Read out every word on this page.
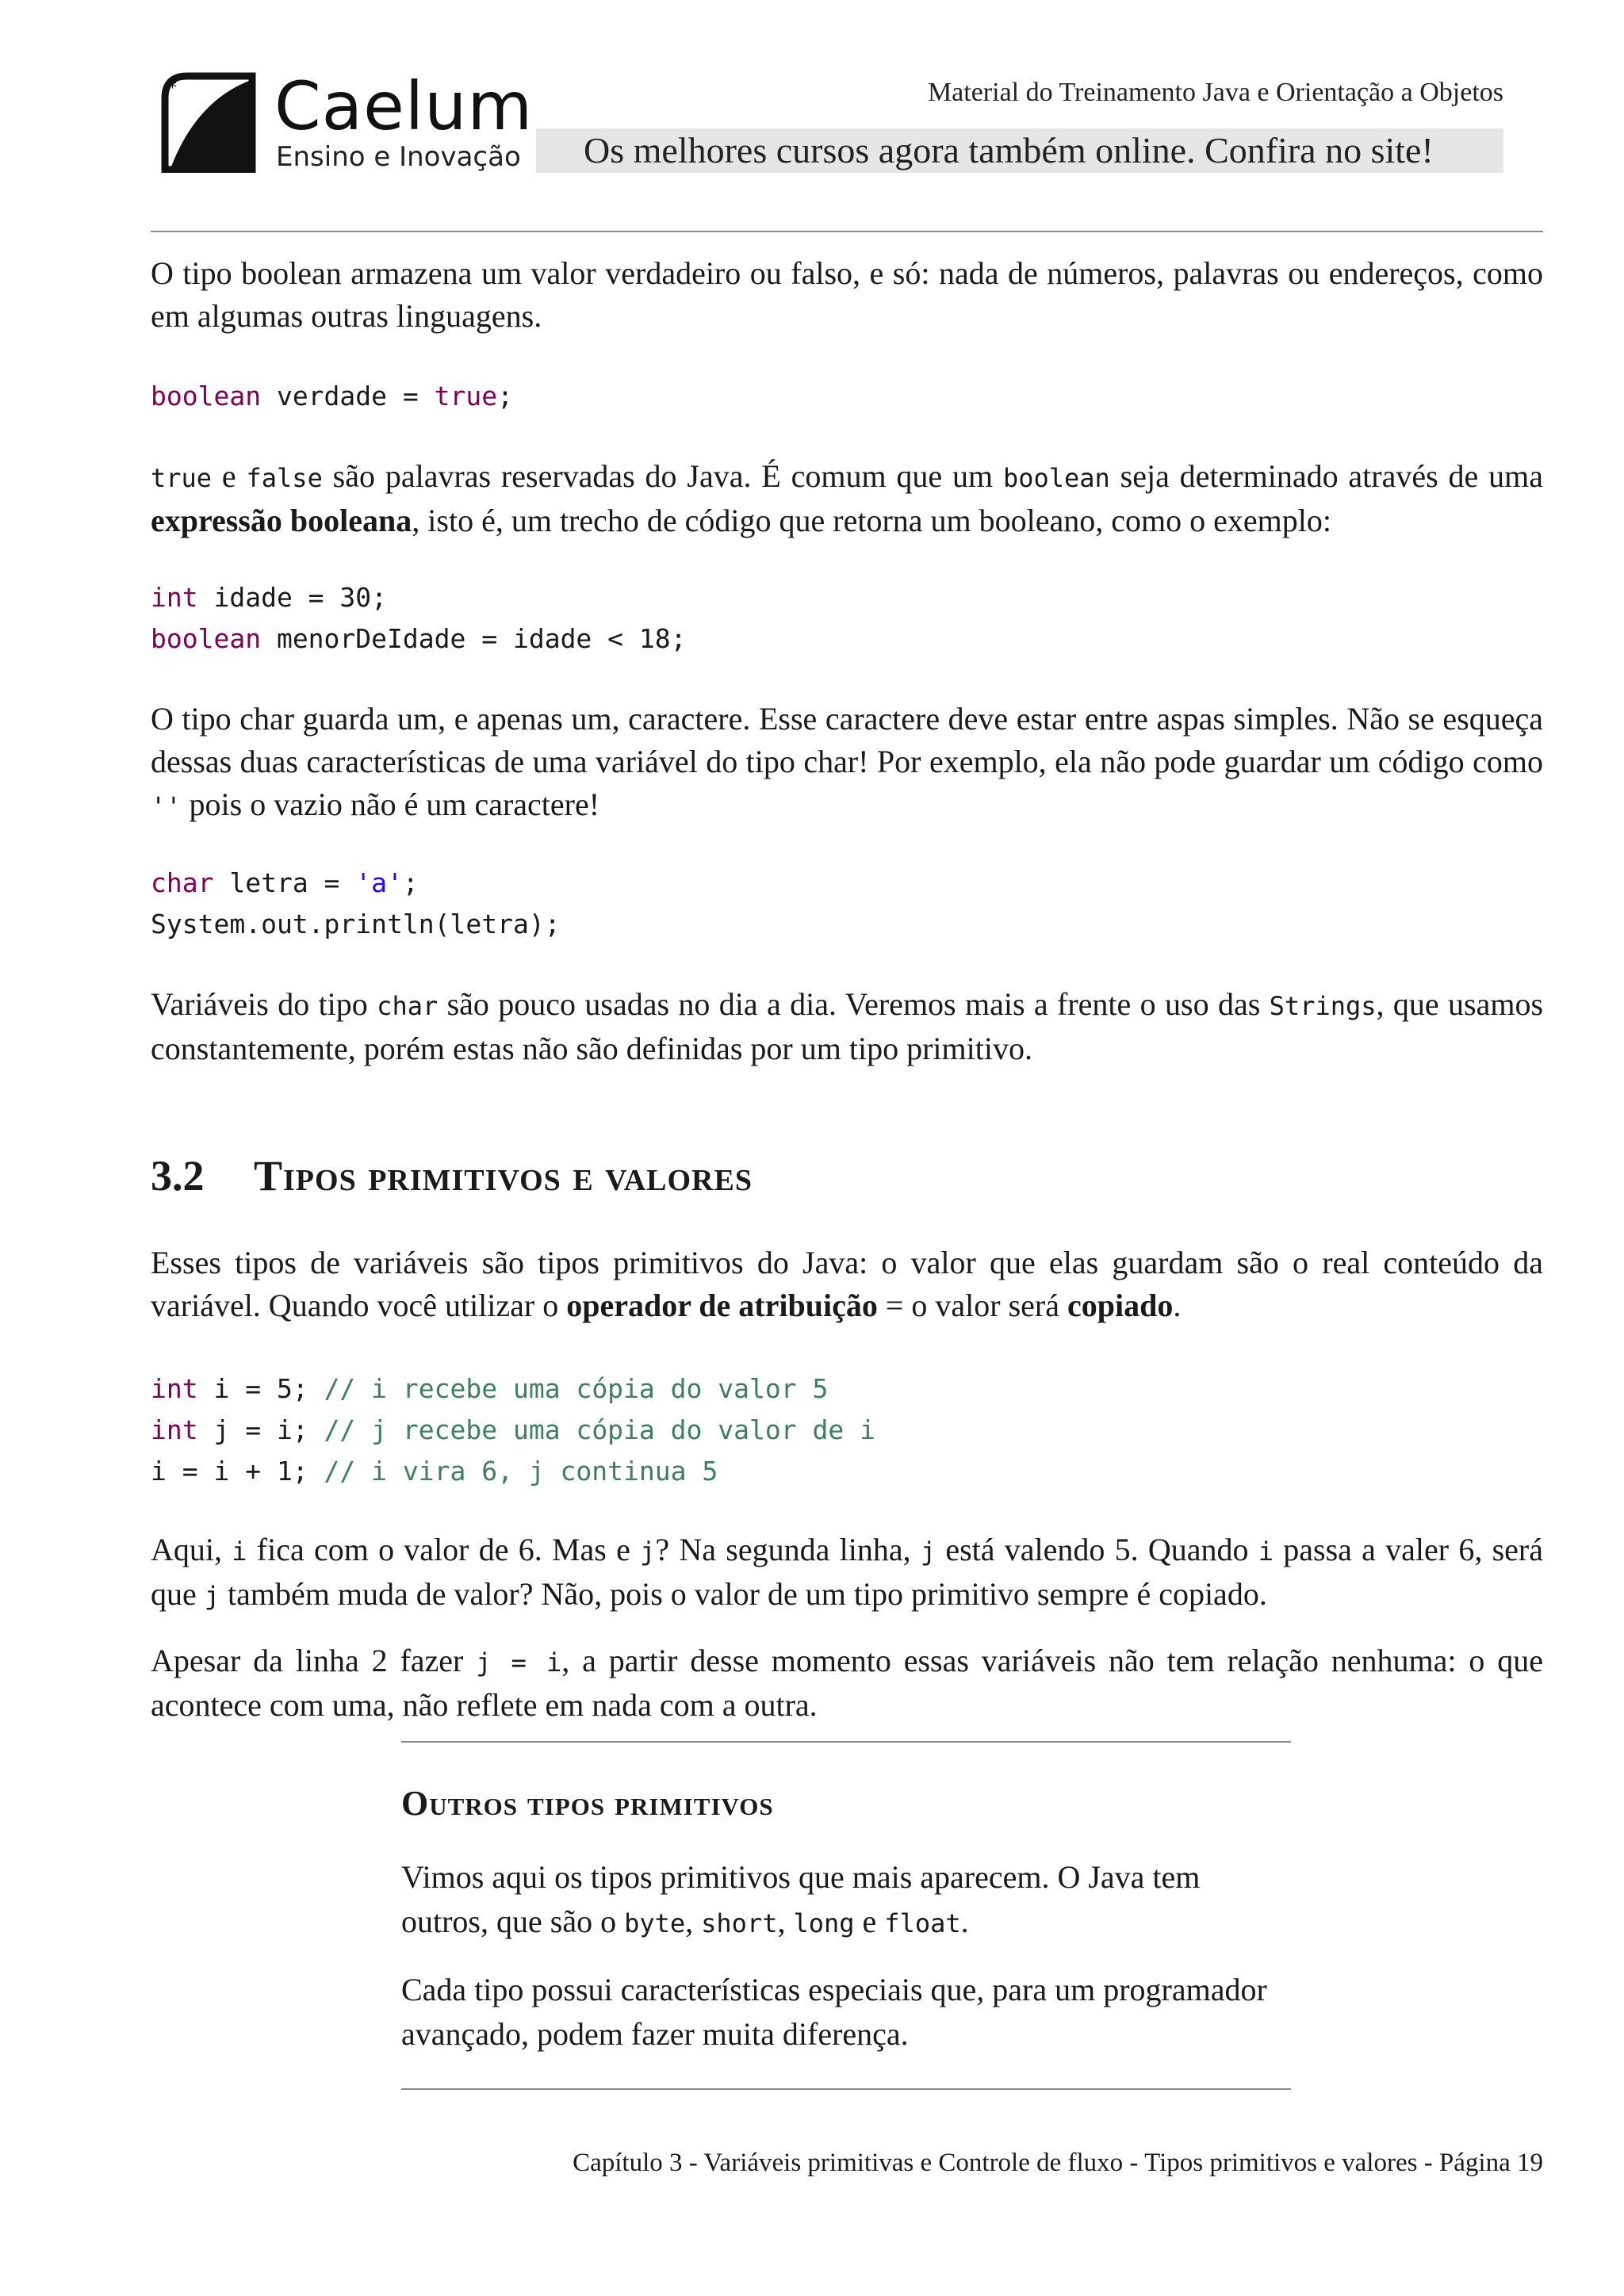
* Caelum
Ensino e Inovação
Material do Treinamento Java e Orientação a Objetos
Os melhores cursos agora também online. Confira no site!
O tipo boolean armazena um valor verdadeiro ou falso, e só: nada de números, palavras ou endereços, como em algumas outras linguagens.
boolean verdade = true;
true e false são palavras reservadas do Java. É comum que um boolean seja determinado através de uma expressão booleana, isto é, um trecho de código que retorna um booleano, como o exemplo:
int idade = 30;
boolean menorDeIdade = idade < 18;
O tipo char guarda um, e apenas um, caractere. Esse caractere deve estar entre aspas simples. Não se esqueça dessas duas características de uma variável do tipo char! Por exemplo, ela não pode guardar um código como '' pois o vazio não é um caractere!
char letra = 'a';
System.out.println(letra);
Variáveis do tipo char são pouco usadas no dia a dia. Veremos mais a frente o uso das Strings, que usamos constantemente, porém estas não são definidas por um tipo primitivo.
3.2 Tipos primitivos e valores
Esses tipos de variáveis são tipos primitivos do Java: o valor que elas guardam são o real conteúdo da variável. Quando você utilizar o operador de atribuição = o valor será copiado.
int i = 5; // i recebe uma cópia do valor 5
int j = i; // j recebe uma cópia do valor de i
i = i + 1; // i vira 6, j continua 5
Aqui, i fica com o valor de 6. Mas e j? Na segunda linha, j está valendo 5. Quando i passa a valer 6, será que j também muda de valor? Não, pois o valor de um tipo primitivo sempre é copiado.
Apesar da linha 2 fazer j = i, a partir desse momento essas variáveis não tem relação nenhuma: o que acontece com uma, não reflete em nada com a outra.
Outros tipos primitivos
Vimos aqui os tipos primitivos que mais aparecem. O Java tem outros, que são o byte, short, long e float.
Cada tipo possui características especiais que, para um programador avançado, podem fazer muita diferença.
Capítulo 3 - Variáveis primitivas e Controle de fluxo - Tipos primitivos e valores - Página 19
